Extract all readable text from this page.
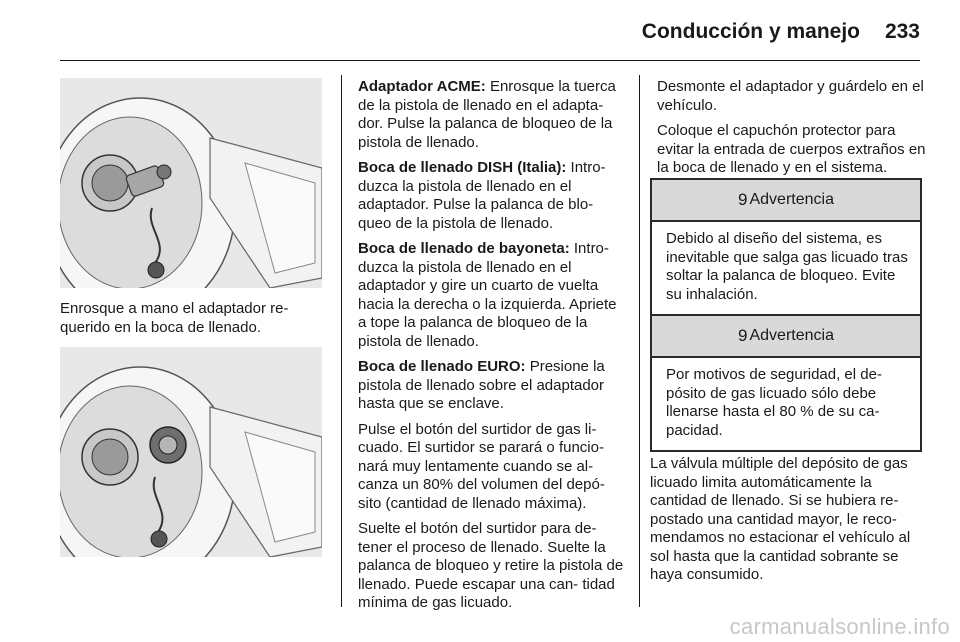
Conducción y manejo 233
Enrosque a mano el adaptador re- querido en la boca de llenado.

Adaptador ACME: Enrosque la tuerca de la pistola de llenado en el adapta- dor. Pulse la palanca de bloqueo de la pistola de llenado.

Boca de llenado DISH (Italia): Intro- duzca la pistola de llenado en el adaptador. Pulse la palanca de blo- queo de la pistola de llenado.

Boca de llenado de bayoneta: Intro- duzca la pistola de llenado en el adaptador y gire un cuarto de vuelta hacia la derecha o la izquierda. Apriete a tope la palanca de bloqueo de la pistola de llenado.

Boca de llenado EURO: Presione la pistola de llenado sobre el adaptador hasta que se enclave.

Pulse el botón del surtidor de gas li- cuado. El surtidor se parará o funcio- nará muy lentamente cuando se al- canza un 80% del volumen del depó- sito (cantidad de llenado máxima).

Suelte el botón del surtidor para de- tener el proceso de llenado. Suelte la palanca de bloqueo y retire la pistola de llenado. Puede escapar una can- tidad mínima de gas licuado.

Desmonte el adaptador y guárdelo en el vehículo.

Coloque el capuchón protector para evitar la entrada de cuerpos extraños en la boca de llenado y en el sistema.

9 Advertencia
Debido al diseño del sistema, es inevitable que salga gas licuado tras soltar la palanca de bloqueo. Evite su inhalación.
9 Advertencia
Por motivos de seguridad, el de- pósito de gas licuado sólo debe llenarse hasta el 80 % de su ca- pacidad.
La válvula múltiple del depósito de gas licuado limita automáticamente la cantidad de llenado. Si se hubiera re- postado una cantidad mayor, le reco- mendamos no estacionar el vehículo al sol hasta que la cantidad sobrante se haya consumido.
carmanualsonline.info
